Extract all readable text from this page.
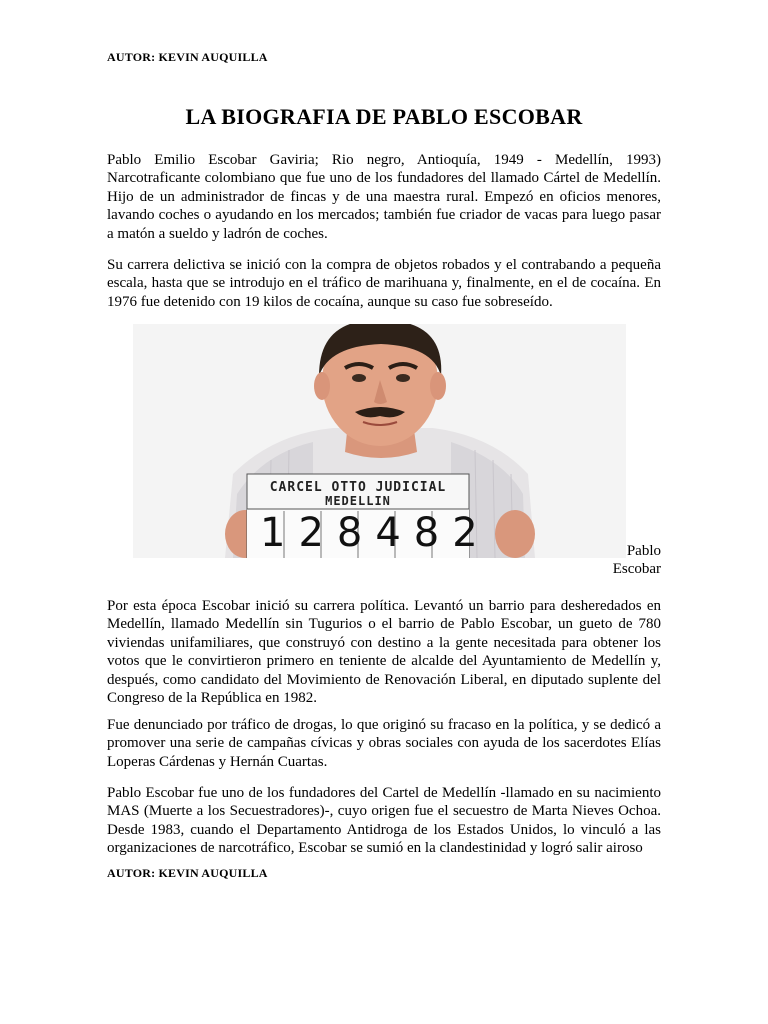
AUTOR: KEVIN AUQUILLA
LA BIOGRAFIA DE PABLO ESCOBAR
Pablo Emilio Escobar Gaviria; Rio negro, Antioquía, 1949 - Medellín, 1993) Narcotraficante colombiano que fue uno de los fundadores del llamado Cártel de Medellín. Hijo de un administrador de fincas y de una maestra rural. Empezó en oficios menores, lavando coches o ayudando en los mercados; también fue criador de vacas para luego pasar a matón a sueldo y ladrón de coches.
Su carrera delictiva se inició con la compra de objetos robados y el contrabando a pequeña escala, hasta que se introdujo en el tráfico de marihuana y, finalmente, en el de cocaína. En 1976 fue detenido con 19 kilos de cocaína, aunque su caso fue sobreseído.
CARCEL OTTO JUDICIAL
MEDELLIN
128482	Pablo Escobar
Por esta época Escobar inició su carrera política. Levantó un barrio para desheredados en Medellín, llamado Medellín sin Tugurios o el barrio de Pablo Escobar, un gueto de 780 viviendas unifamiliares, que construyó con destino a la gente necesitada para obtener los votos que le convirtieron primero en teniente de alcalde del Ayuntamiento de Medellín y, después, como candidato del Movimiento de Renovación Liberal, en diputado suplente del Congreso de la República en 1982.
Fue denunciado por tráfico de drogas, lo que originó su fracaso en la política, y se dedicó a promover una serie de campañas cívicas y obras sociales con ayuda de los sacerdotes Elías Loperas Cárdenas y Hernán Cuartas.
Pablo Escobar fue uno de los fundadores del Cartel de Medellín -llamado en su nacimiento MAS (Muerte a los Secuestradores)-, cuyo origen fue el secuestro de Marta Nieves Ochoa. Desde 1983, cuando el Departamento Antidroga de los Estados Unidos, lo vinculó a las organizaciones de narcotráfico, Escobar se sumió en la clandestinidad y logró salir airoso
AUTOR: KEVIN AUQUILLA
